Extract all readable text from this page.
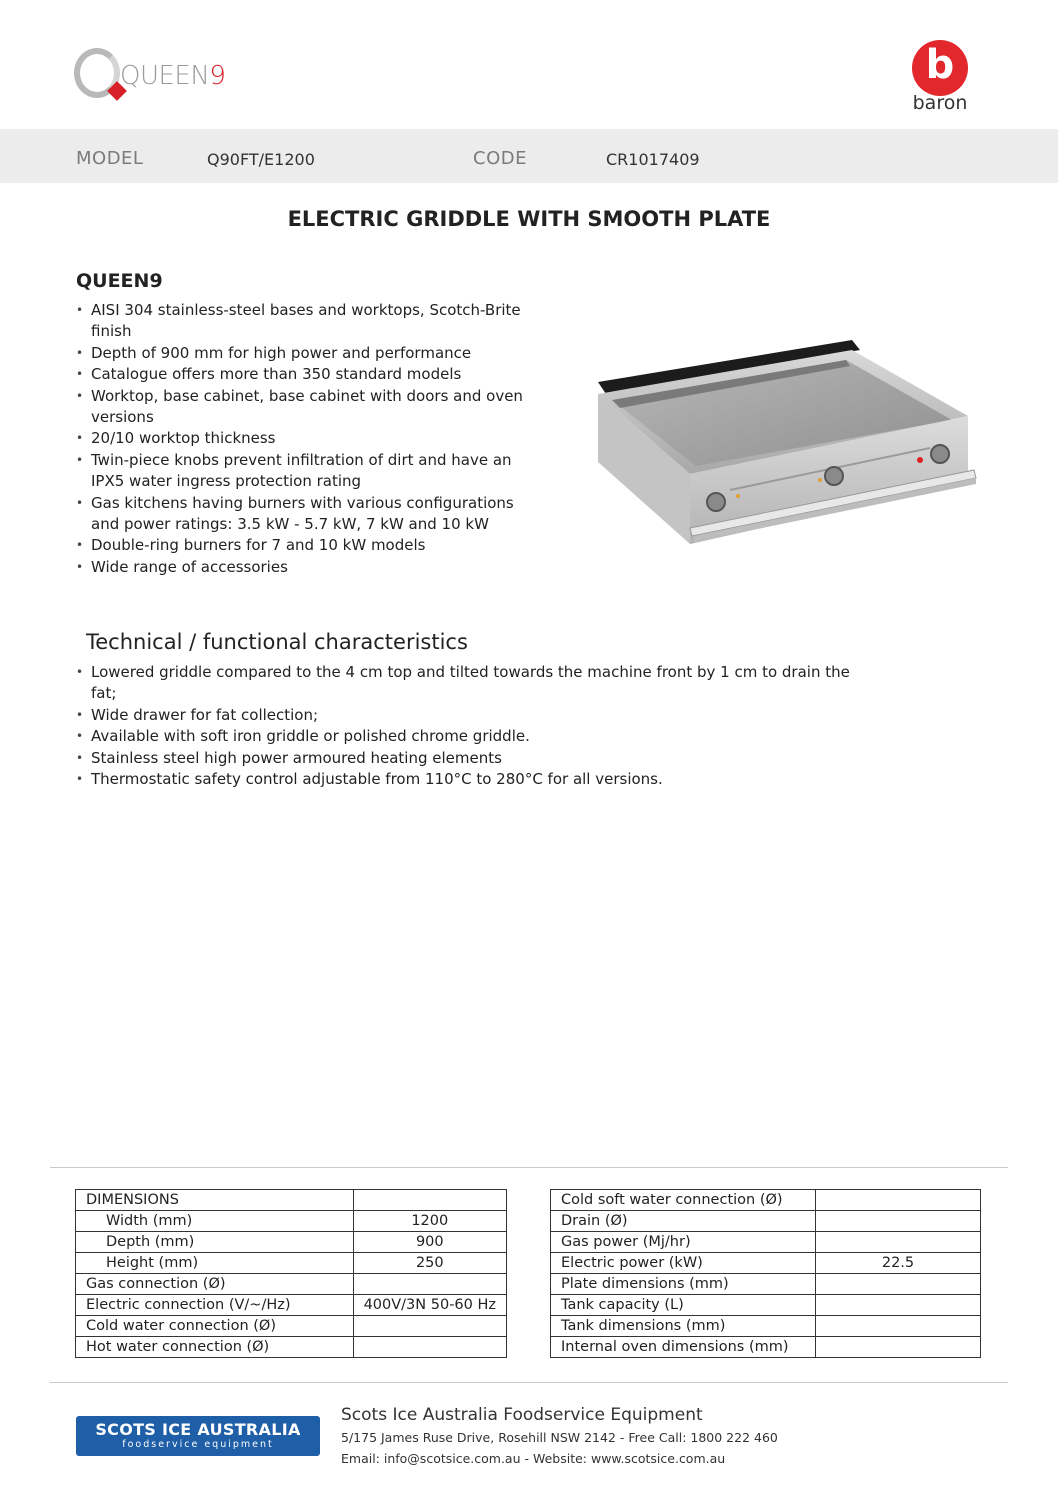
QUEEN9	b
baron
MODEL	Q90FT/E1200	CODE	CR1017409
ELECTRIC GRIDDLE WITH SMOOTH PLATE
QUEEN9
• AISI 304 stainless-steel bases and worktops, Scotch-Brite finish
• Depth of 900 mm for high power and performance
• Catalogue offers more than 350 standard models
• Worktop, base cabinet, base cabinet with doors and oven versions
• 20/10 worktop thickness
• Twin-piece knobs prevent infiltration of dirt and have an IPX5 water ingress protection rating
• Gas kitchens having burners with various configurations and power ratings: 3.5 kW - 5.7 kW, 7 kW and 10 kW
• Double-ring burners for 7 and 10 kW models
• Wide range of accessories
Technical / functional characteristics
• Lowered griddle compared to the 4 cm top and tilted towards the machine front by 1 cm to drain the fat;
• Wide drawer for fat collection;
• Available with soft iron griddle or polished chrome griddle.
• Stainless steel high power armoured heating elements
• Thermostatic safety control adjustable from 110°C to 280°C for all versions.
DIMENSIONS	
Width (mm)	1200
Depth (mm)	900
Height (mm)	250
Gas connection (Ø)	
Electric connection (V/~/Hz)	400V/3N 50-60 Hz
Cold water connection (Ø)	
Hot water connection (Ø)	
Cold soft water connection (Ø)	
Drain (Ø)	
Gas power (Mj/hr)	
Electric power (kW)	22.5
Plate dimensions (mm)	
Tank capacity (L)	
Tank dimensions (mm)	
Internal oven dimensions (mm)	
SCOTS ICE AUSTRALIA
foodservice equipment
Scots Ice Australia Foodservice Equipment
5/175 James Ruse Drive, Rosehill NSW 2142 - Free Call: 1800 222 460
Email: info@scotsice.com.au - Website: www.scotsice.com.au
